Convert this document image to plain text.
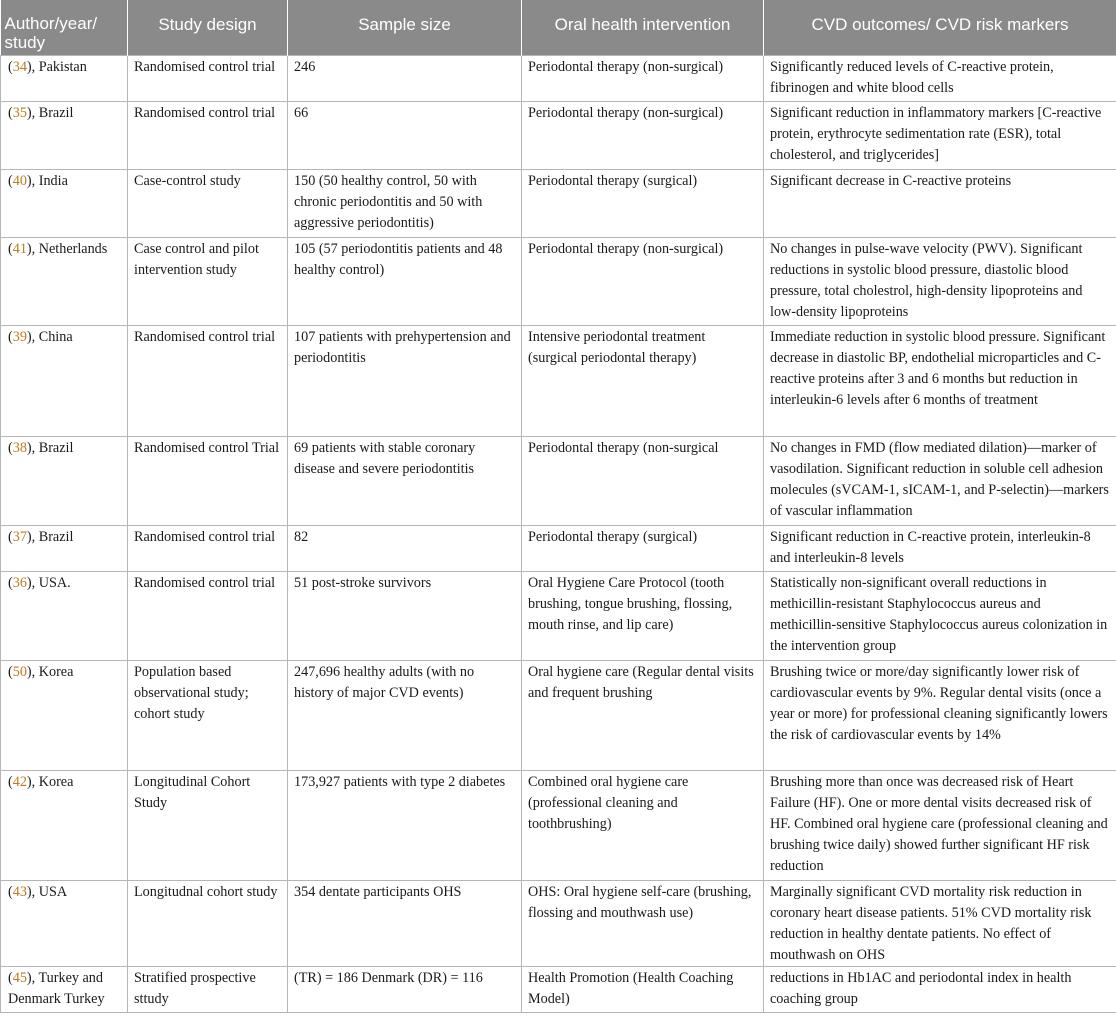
Author/year/ study	Study design	Sample size	Oral health intervention	CVD outcomes/ CVD risk markers
(34), Pakistan	Randomised control trial	246	Periodontal therapy (non-surgical)	Significantly reduced levels of C-reactive protein, fibrinogen and white blood cells
(35), Brazil	Randomised control trial	66	Periodontal therapy (non-surgical)	Significant reduction in inflammatory markers [C-reactive protein, erythrocyte sedimentation rate (ESR), total cholesterol, and triglycerides]
(40), India	Case-control study	150 (50 healthy control, 50 with chronic periodontitis and 50 with aggressive periodontitis)	Periodontal therapy (surgical)	Significant decrease in C-reactive proteins
(41), Netherlands	Case control and pilot intervention study	105 (57 periodontitis patients and 48 healthy control)	Periodontal therapy (non-surgical)	No changes in pulse-wave velocity (PWV). Significant reductions in systolic blood pressure, diastolic blood pressure, total cholestrol, high-density lipoproteins and low-density lipoproteins
(39), China	Randomised control trial	107 patients with prehypertension and periodontitis	Intensive periodontal treatment (surgical periodontal therapy)	Immediate reduction in systolic blood pressure. Significant decrease in diastolic BP, endothelial microparticles and C-reactive proteins after 3 and 6 months but reduction in interleukin-6 levels after 6 months of treatment
(38), Brazil	Randomised control Trial	69 patients with stable coronary disease and severe periodontitis	Periodontal therapy (non-surgical	No changes in FMD (flow mediated dilation)—marker of vasodilation. Significant reduction in soluble cell adhesion molecules (sVCAM-1, sICAM-1, and P-selectin)—markers of vascular inflammation
(37), Brazil	Randomised control trial	82	Periodontal therapy (surgical)	Significant reduction in C-reactive protein, interleukin-8 and interleukin-8 levels
(36), USA.	Randomised control trial	51 post-stroke survivors	Oral Hygiene Care Protocol (tooth brushing, tongue brushing, flossing, mouth rinse, and lip care)	Statistically non-significant overall reductions in methicillin-resistant Staphylococcus aureus and methicillin-sensitive Staphylococcus aureus colonization in the intervention group
(50), Korea	Population based observational study; cohort study	247,696 healthy adults (with no history of major CVD events)	Oral hygiene care (Regular dental visits and frequent brushing	Brushing twice or more/day significantly lower risk of cardiovascular events by 9%. Regular dental visits (once a year or more) for professional cleaning significantly lowers the risk of cardiovascular events by 14%
(42), Korea	Longitudinal Cohort Study	173,927 patients with type 2 diabetes	Combined oral hygiene care (professional cleaning and toothbrushing)	Brushing more than once was decreased risk of Heart Failure (HF). One or more dental visits decreased risk of HF. Combined oral hygiene care (professional cleaning and brushing twice daily) showed further significant HF risk reduction
(43), USA	Longitudnal cohort study	354 dentate participants OHS	OHS: Oral hygiene self-care (brushing, flossing and mouthwash use)	Marginally significant CVD mortality risk reduction in coronary heart disease patients. 51% CVD mortality risk reduction in healthy dentate patients. No effect of mouthwash on OHS
(45), Turkey and Denmark Turkey	Stratified prospective sttudy	(TR) = 186 Denmark (DR) = 116	Health Promotion (Health Coaching Model)	reductions in Hb1AC and periodontal index in health coaching group
